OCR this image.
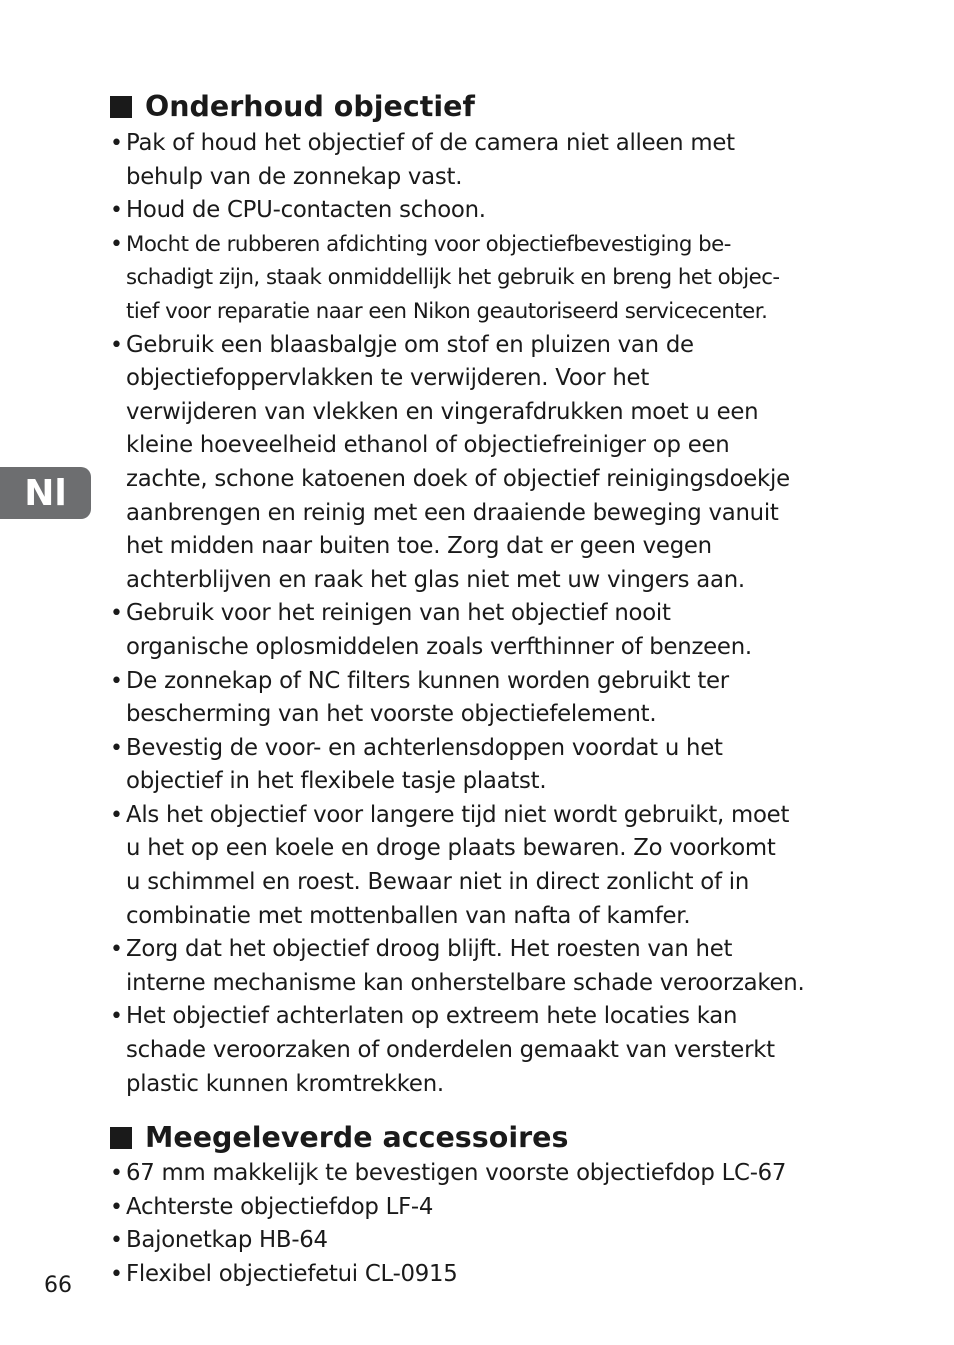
Nl
Onderhoud objectief
• Pak of houd het objectief of de camera niet alleen met
behulp van de zonnekap vast.
• Houd de CPU-contacten schoon.
• Mocht de rubberen afdichting voor objectiefbevestiging be-
schadigt zijn, staak onmiddellijk het gebruik en breng het objec-
tief voor reparatie naar een Nikon geautoriseerd servicecenter.
• Gebruik een blaasbalgje om stof en pluizen van de
objectiefoppervlakken te verwijderen. Voor het
verwijderen van vlekken en vingerafdrukken moet u een
kleine hoeveelheid ethanol of objectiefreiniger op een
zachte, schone katoenen doek of objectief reinigingsdoekje
aanbrengen en reinig met een draaiende beweging vanuit
het midden naar buiten toe. Zorg dat er geen vegen
achterblijven en raak het glas niet met uw vingers aan.
• Gebruik voor het reinigen van het objectief nooit
organische oplosmiddelen zoals verfthinner of benzeen.
• De zonnekap of NC filters kunnen worden gebruikt ter
bescherming van het voorste objectiefelement.
• Bevestig de voor- en achterlensdoppen voordat u het
objectief in het flexibele tasje plaatst.
• Als het objectief voor langere tijd niet wordt gebruikt, moet
u het op een koele en droge plaats bewaren. Zo voorkomt
u schimmel en roest. Bewaar niet in direct zonlicht of in
combinatie met mottenballen van nafta of kamfer.
• Zorg dat het objectief droog blijft. Het roesten van het
interne mechanisme kan onherstelbare schade veroorzaken.
• Het objectief achterlaten op extreem hete locaties kan
schade veroorzaken of onderdelen gemaakt van versterkt
plastic kunnen kromtrekken.
Meegeleverde accessoires
• 67 mm makkelijk te bevestigen voorste objectiefdop LC-67
• Achterste objectiefdop LF-4
• Bajonetkap HB-64
• Flexibel objectiefetui CL-0915
66
